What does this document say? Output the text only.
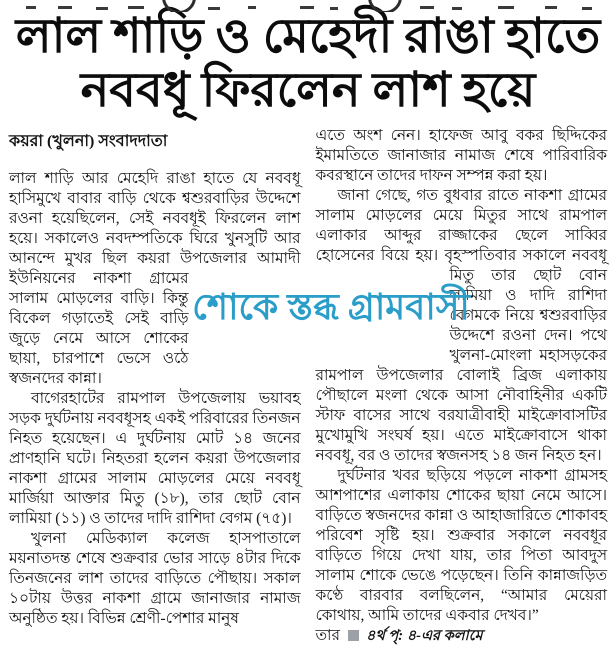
লাল শাড়ি ও মেহেদী রাঙা হাতে
নববধূ ফিরলেন লাশ হয়ে
কয়রা (খুলনা) সংবাদদাতা

লাল শাড়ি আর মেহেদি রাঙা হাতে যে নববধূ হাসিমুখে বাবার বাড়ি থেকে শ্বশুরবাড়ির উদ্দেশে রওনা হয়েছিলেন, সেই নববধূই ফিরলেন লাশ হয়ে। সকালেও নবদম্পতিকে ঘিরে খুনসুটি আর আনন্দে মুখর ছিল কয়রা উপজেলার আমাদী
ইউনিয়নের নাকশা গ্রামের সালাম মোড়লের বাড়ি। কিন্তু বিকেল গড়াতেই সেই বাড়ি জুড়ে নেমে আসে শোকের ছায়া, চারপাশে ভেসে ওঠে স্বজনদের কান্না।

বাগেরহাটের রামপাল উপজেলায় ভয়াবহ সড়ক দুর্ঘটনায় নববধূসহ একই পরিবারের তিনজন নিহত হয়েছেন। এ দুর্ঘটনায় মোট ১৪ জনের প্রাণহানি ঘটে। নিহতরা হলেন কয়রা উপজেলার নাকশা গ্রামের সালাম মোড়লের মেয়ে নববধূ মার্জিয়া আক্তার মিতু (১৮), তার ছোট বোন লামিয়া (১১) ও তাদের দাদি রাশিদা বেগম (৭৫)।

খুলনা মেডিক্যাল কলেজ হাসপাতালে ময়নাতদন্ত শেষে শুক্রবার ভোর সাড়ে ৪টার দিকে তিনজনের লাশ তাদের বাড়িতে পৌছায়। সকাল ১০টায় উত্তর নাকশা গ্রামে জানাজার নামাজ অনুষ্ঠিত হয়। বিভিন্ন শ্রেণী-পেশার মানুষ

এতে অংশ নেন। হাফেজ আবু বকর ছিদ্দিকের ইমামতিতে জানাজার নামাজ শেষে পারিবারিক কবরস্থানে তাদের দাফন সম্পন্ন করা হয়।

জানা গেছে, গত বুধবার রাতে নাকশা গ্রামের সালাম মোড়লের মেয়ে মিতুর সাথে রামপাল এলাকার আব্দুর রাজ্জাকের ছেলে সাব্বির হোসেনের বিয়ে হয়। বৃহস্পতিবার সকালে নববধূ
মিতু তার ছোট বোন লামিয়া ও দাদি রাশিদা বেগমকে নিয়ে শ্বশুরবাড়ির উদ্দেশে রওনা দেন। পথে খুলনা-মোংলা মহাসড়কের রামপাল উপজেলার বোলাই ব্রিজ এলাকায় পৌছালে মংলা থেকে আসা নৌবাহিনীর একটি স্টাফ বাসের সাথে বরযাত্রীবাহী মাইক্রোবাসটির মুখোমুখি সংঘর্ষ হয়। এতে মাইক্রোবাসে থাকা নববধূ, বর ও তাদের স্বজনসহ ১৪ জন নিহত হন।

দুর্ঘটনার খবর ছড়িয়ে পড়লে নাকশা গ্রামসহ আশপাশের এলাকায় শোকের ছায়া নেমে আসে। বাড়িতে স্বজনদের কান্না ও আহাজারিতে শোকাবহ পরিবেশ সৃষ্টি হয়। শুক্রবার সকালে নববধূর বাড়িতে গিয়ে দেখা যায়, তার পিতা আবদুস সালাম শোকে ভেঙে পড়েছেন। তিনি কান্নাজড়িত কণ্ঠে বারবার বলছিলেন, “আমার মেয়েরা কোথায়, আমি তাদের একবার দেখব।”

তার ৪র্থ পৃ: ৪-এর কলামে

শোকে স্তব্ধ গ্রামবাসী
